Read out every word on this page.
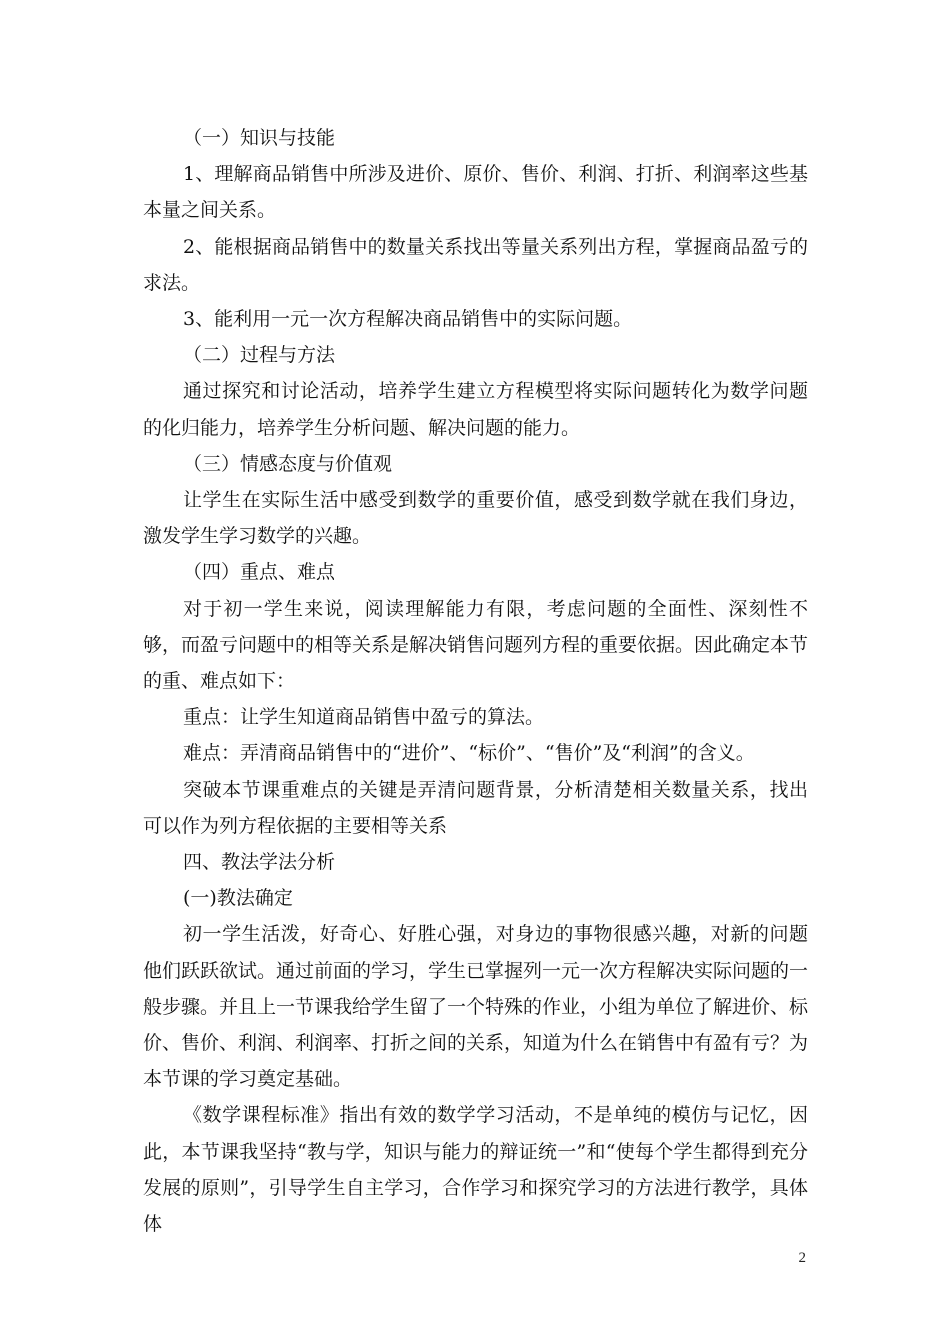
（一）知识与技能

1、理解商品销售中所涉及进价、原价、售价、利润、打折、利润率这些基本量之间关系。

2、能根据商品销售中的数量关系找出等量关系列出方程，掌握商品盈亏的求法。

3、能利用一元一次方程解决商品销售中的实际问题。

（二）过程与方法

通过探究和讨论活动，培养学生建立方程模型将实际问题转化为数学问题的化归能力，培养学生分析问题、解决问题的能力。

（三）情感态度与价值观

让学生在实际生活中感受到数学的重要价值，感受到数学就在我们身边，激发学生学习数学的兴趣。

（四）重点、难点

对于初一学生来说，阅读理解能力有限，考虑问题的全面性、深刻性不够，而盈亏问题中的相等关系是解决销售问题列方程的重要依据。因此确定本节的重、难点如下：

重点：让学生知道商品销售中盈亏的算法。

难点：弄清商品销售中的“进价”、“标价”、“售价”及“利润”的含义。

突破本节课重难点的关键是弄清问题背景，分析清楚相关数量关系，找出可以作为列方程依据的主要相等关系

四、教法学法分析

(一)教法确定

初一学生活泼，好奇心、好胜心强，对身边的事物很感兴趣，对新的问题他们跃跃欲试。通过前面的学习，学生已掌握列一元一次方程解决实际问题的一般步骤。并且上一节课我给学生留了一个特殊的作业，小组为单位了解进价、标价、售价、利润、利润率、打折之间的关系，知道为什么在销售中有盈有亏？为本节课的学习奠定基础。

《数学课程标准》指出有效的数学学习活动，不是单纯的模仿与记忆，因此，本节课我坚持“教与学，知识与能力的辩证统一”和“使每个学生都得到充分发展的原则”，引导学生自主学习，合作学习和探究学习的方法进行教学，具体体

2
